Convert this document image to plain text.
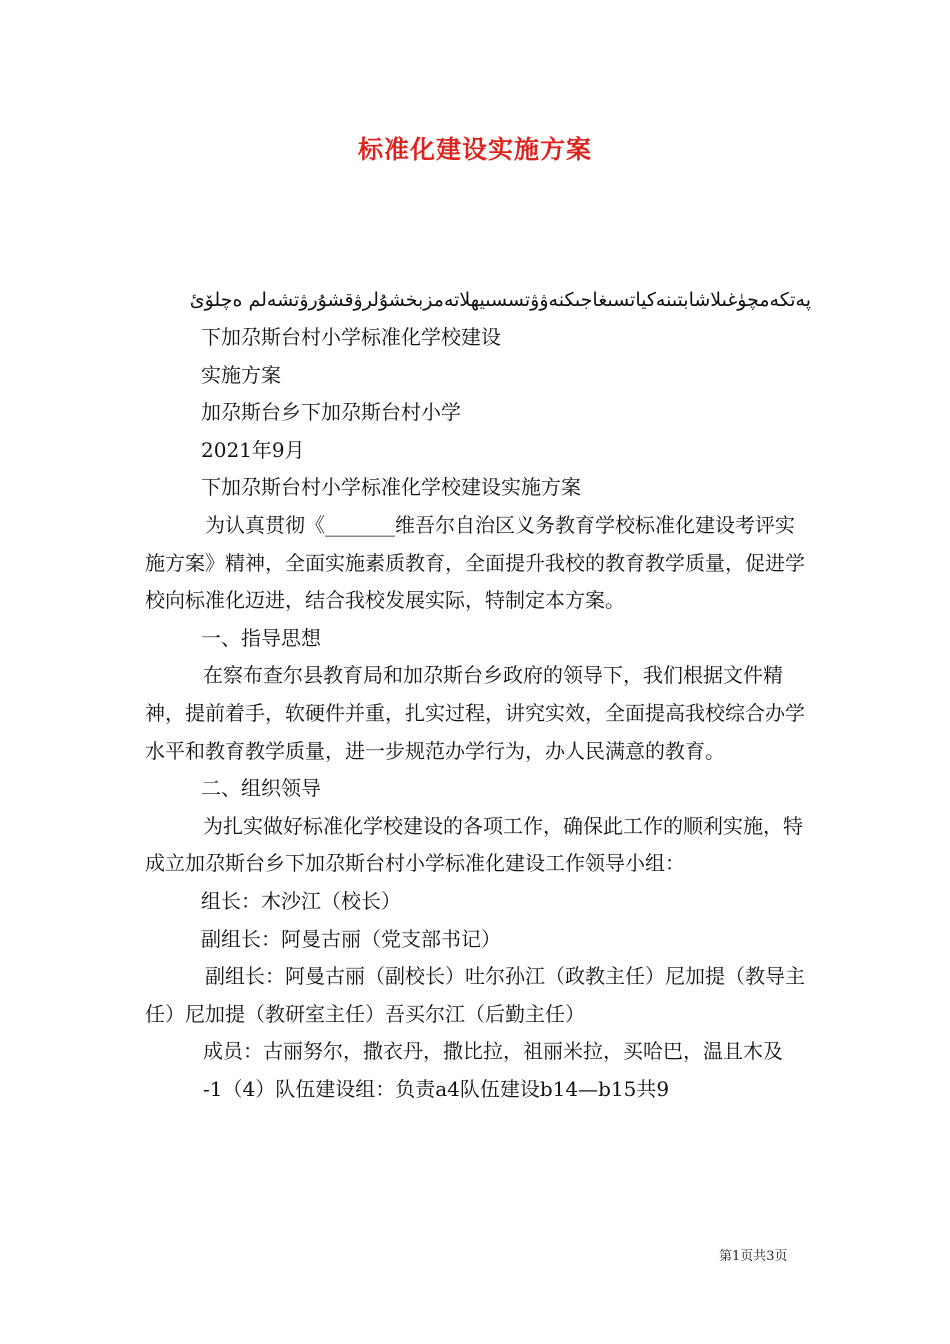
标准化建设实施方案

پەتكەمچۈغىلاشابتىنەكياتسىغاجىكنەۋۋتسسىيھلاتەمزبخشۇلرۋقشۇرۋتشەلم ەچلۆئ

下加尕斯台村小学标准化学校建设

实施方案

加尕斯台乡下加尕斯台村小学

2021年9月

下加尕斯台村小学标准化学校建设实施方案

为认真贯彻《_______维吾尔自治区义务教育学校标准化建设考评实施方案》精神，全面实施素质教育，全面提升我校的教育教学质量，促进学校向标准化迈进，结合我校发展实际，特制定本方案。

一、指导思想

在察布查尔县教育局和加尕斯台乡政府的领导下，我们根据文件精神，提前着手，软硬件并重，扎实过程，讲究实效，全面提高我校综合办学水平和教育教学质量，进一步规范办学行为，办人民满意的教育。

二、组织领导

为扎实做好标准化学校建设的各项工作，确保此工作的顺利实施，特成立加尕斯台乡下加尕斯台村小学标准化建设工作领导小组：

组长：木沙江（校长）

副组长：阿曼古丽（党支部书记）

副组长：阿曼古丽（副校长）吐尔孙江（政教主任）尼加提（教导主任）尼加提（教研室主任）吾买尔江（后勤主任）

成员：古丽努尔，撒衣丹，撒比拉，祖丽米拉，买哈巴，温且木及

-1（4）队伍建设组：负责a4队伍建设b14—b15共9

第1页共3页
